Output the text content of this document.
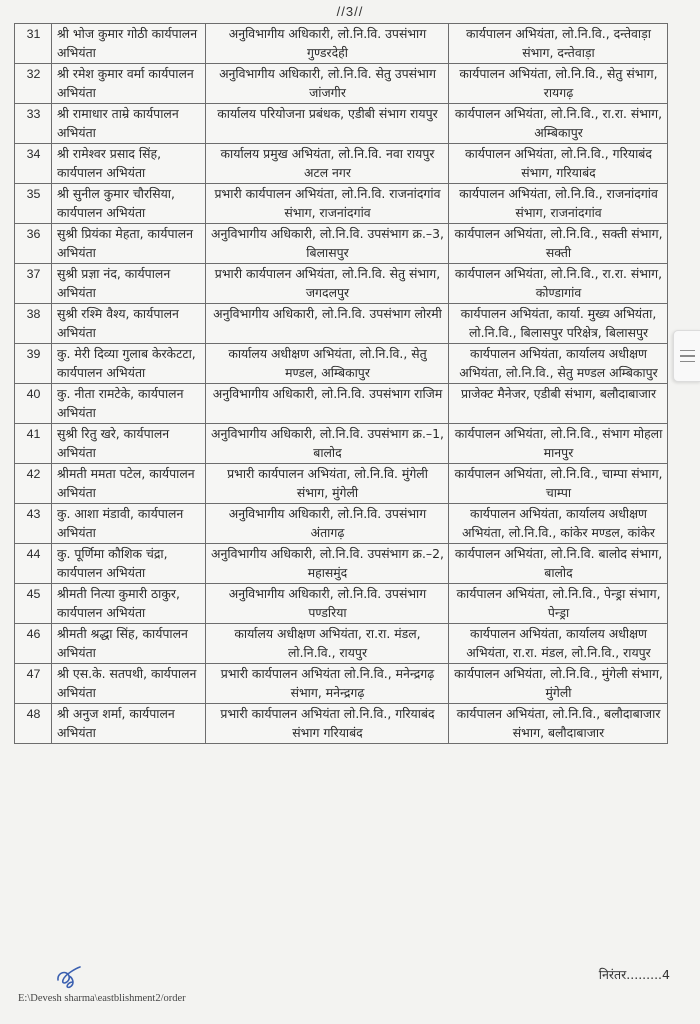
//3//
31	श्री भोज कुमार गोठी कार्यपालन अभियंता	अनुविभागीय अधिकारी, लो.नि.वि. उपसंभाग गुण्डरदेही	कार्यपालन अभियंता, लो.नि.वि., दन्तेवाड़ा संभाग, दन्तेवाड़ा
32	श्री रमेश कुमार वर्मा कार्यपालन अभियंता	अनुविभागीय अधिकारी, लो.नि.वि. सेतु उपसंभाग जांजगीर	कार्यपालन अभियंता, लो.नि.वि., सेतु संभाग, रायगढ़
33	श्री रामाधार ताम्रे कार्यपालन अभियंता	कार्यालय परियोजना प्रबंधक, एडीबी संभाग रायपुर	कार्यपालन अभियंता, लो.नि.वि., रा.रा. संभाग, अम्बिकापुर
34	श्री रामेश्वर प्रसाद सिंह, कार्यपालन अभियंता	कार्यालय प्रमुख अभियंता, लो.नि.वि. नवा रायपुर अटल नगर	कार्यपालन अभियंता, लो.नि.वि., गरियाबंद संभाग, गरियाबंद
35	श्री सुनील कुमार चौरसिया, कार्यपालन अभियंता	प्रभारी कार्यपालन अभियंता, लो.नि.वि. राजनांदगांव संभाग, राजनांदगांव	कार्यपालन अभियंता, लो.नि.वि., राजनांदगांव संभाग, राजनांदगांव
36	सुश्री प्रियंका मेहता, कार्यपालन अभियंता	अनुविभागीय अधिकारी, लो.नि.वि. उपसंभाग क्र.–3, बिलासपुर	कार्यपालन अभियंता, लो.नि.वि., सक्ती संभाग, सक्ती
37	सुश्री प्रज्ञा नंद, कार्यपालन अभियंता	प्रभारी कार्यपालन अभियंता, लो.नि.वि. सेतु संभाग, जगदलपुर	कार्यपालन अभियंता, लो.नि.वि., रा.रा. संभाग, कोण्डागांव
38	सुश्री रश्मि वैश्य, कार्यपालन अभियंता	अनुविभागीय अधिकारी, लो.नि.वि. उपसंभाग लोरमी	कार्यपालन अभियंता, कार्या. मुख्य अभियंता, लो.नि.वि., बिलासपुर परिक्षेत्र, बिलासपुर
39	कु. मेरी दिव्या गुलाब केरकेटटा, कार्यपालन अभियंता	कार्यालय अधीक्षण अभियंता, लो.नि.वि., सेतु मण्डल, अम्बिकापुर	कार्यपालन अभियंता, कार्यालय अधीक्षण अभियंता, लो.नि.वि., सेतु मण्डल अम्बिकापुर
40	कु. नीता रामटेके, कार्यपालन अभियंता	अनुविभागीय अधिकारी, लो.नि.वि. उपसंभाग राजिम	प्राजेक्ट मैनेजर, एडीबी संभाग, बलौदाबाजार
41	सुश्री रितु खरे, कार्यपालन अभियंता	अनुविभागीय अधिकारी, लो.नि.वि. उपसंभाग क्र.–1, बालोद	कार्यपालन अभियंता, लो.नि.वि., संभाग मोहला मानपुर
42	श्रीमती ममता पटेल, कार्यपालन अभियंता	प्रभारी कार्यपालन अभियंता, लो.नि.वि. मुंगेली संभाग, मुंगेली	कार्यपालन अभियंता, लो.नि.वि., चाम्पा संभाग, चाम्पा
43	कु. आशा मंडावी, कार्यपालन अभियंता	अनुविभागीय अधिकारी, लो.नि.वि. उपसंभाग अंतागढ़	कार्यपालन अभियंता, कार्यालय अधीक्षण अभियंता, लो.नि.वि., कांकेर मण्डल, कांकेर
44	कु. पूर्णिमा कौशिक चंद्रा, कार्यपालन अभियंता	अनुविभागीय अधिकारी, लो.नि.वि. उपसंभाग क्र.–2, महासमुंद	कार्यपालन अभियंता, लो.नि.वि. बालोद संभाग, बालोद
45	श्रीमती नित्या कुमारी ठाकुर, कार्यपालन अभियंता	अनुविभागीय अधिकारी, लो.नि.वि. उपसंभाग पण्डरिया	कार्यपालन अभियंता, लो.नि.वि., पेन्ड्रा संभाग, पेन्ड्रा
46	श्रीमती श्रद्धा सिंह, कार्यपालन अभियंता	कार्यालय अधीक्षण अभियंता, रा.रा. मंडल, लो.नि.वि., रायपुर	कार्यपालन अभियंता, कार्यालय अधीक्षण अभियंता, रा.रा. मंडल, लो.नि.वि., रायपुर
47	श्री एस.के. सतपथी, कार्यपालन अभियंता	प्रभारी कार्यपालन अभियंता लो.नि.वि., मनेन्द्रगढ़ संभाग, मनेन्द्रगढ़	कार्यपालन अभियंता, लो.नि.वि., मुंगेली संभाग, मुंगेली
48	श्री अनुज शर्मा, कार्यपालन अभियंता	प्रभारी कार्यपालन अभियंता लो.नि.वि., गरियाबंद संभाग गरियाबंद	कार्यपालन अभियंता, लो.नि.वि., बलौदाबाजार संभाग, बलौदाबाजार
निरंतर.........4
E:\Devesh sharma\eastblishment2/order
